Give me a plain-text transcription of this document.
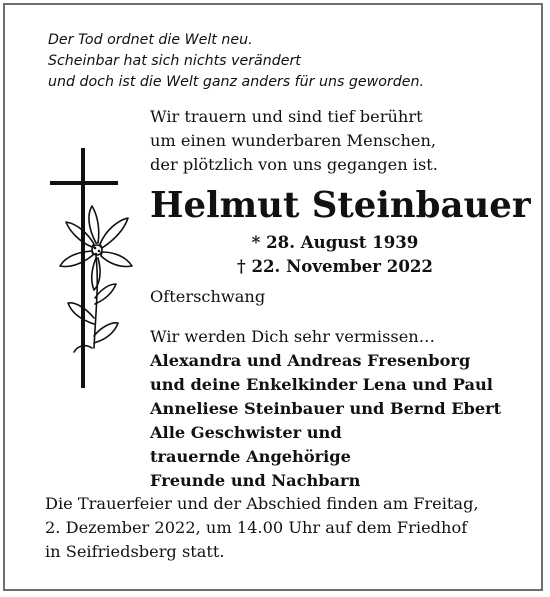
Der Tod ordnet die Welt neu.
Scheinbar hat sich nichts verändert
und doch ist die Welt ganz anders für uns geworden.
Wir trauern und sind tief berührt
um einen wunderbaren Menschen,
der plötzlich von uns gegangen ist.
Helmut Steinbauer
* 28. August 1939
† 22. November 2022
Ofterschwang
Wir werden Dich sehr vermissen…
Alexandra und Andreas Fresenborg
und deine Enkelkinder Lena und Paul
Anneliese Steinbauer und Bernd Ebert
Alle Geschwister und
trauernde Angehörige
Freunde und Nachbarn
Die Trauerfeier und der Abschied finden am Freitag,
2. Dezember 2022, um 14.00 Uhr auf dem Friedhof
in Seifriedsberg statt.
